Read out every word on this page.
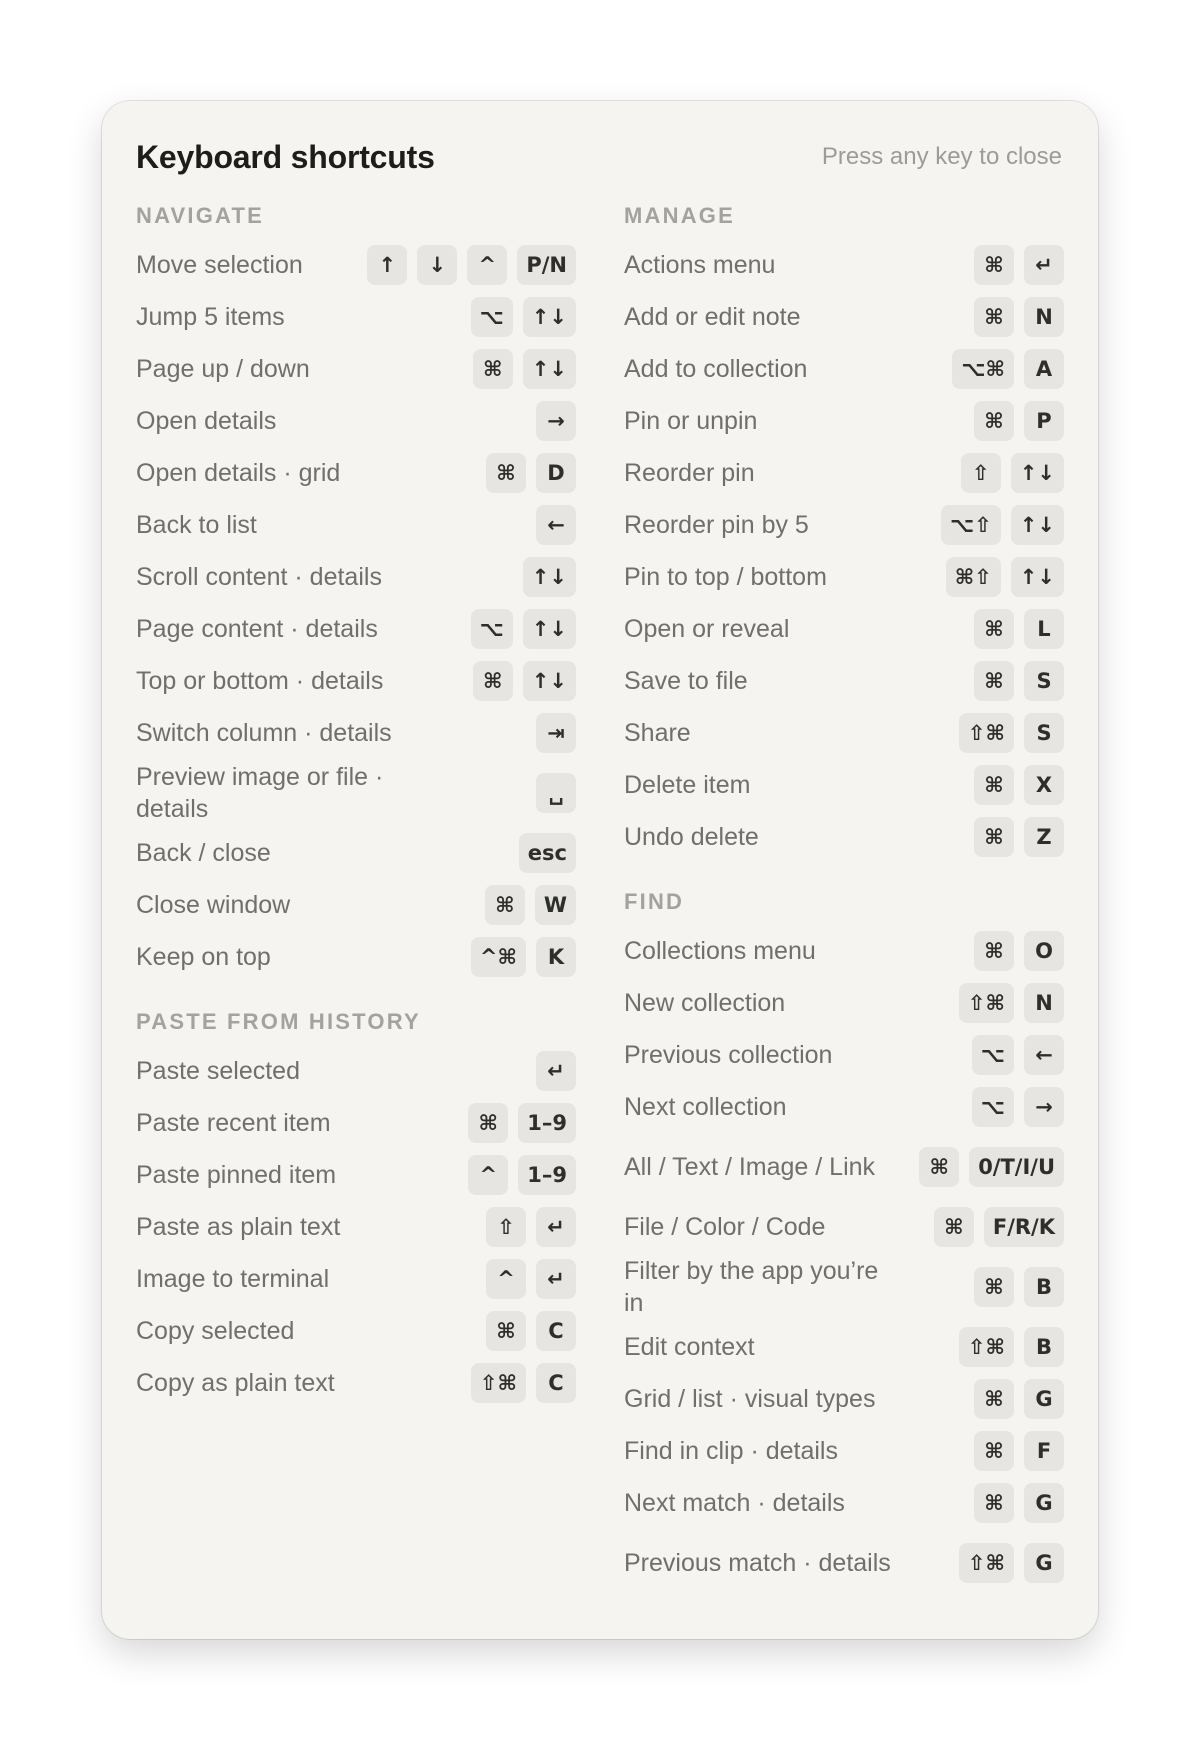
Keyboard shortcuts	Press any key to close
NAVIGATE
Move selection	↑	↓	^	P/N
Jump 5 items	⌥	↑↓
Page up / down	⌘	↑↓
Open details	→
Open details · grid	⌘	D
Back to list	←
Scroll content · details	↑↓
Page content · details	⌥	↑↓
Top or bottom · details	⌘	↑↓
Switch column · details	⇥
Preview image or file · details
␣
Back / close	esc
Close window	⌘	W
Keep on top	^⌘	K
PASTE FROM HISTORY
Paste selected	↵
Paste recent item	⌘	1–9
Paste pinned item	^	1–9
Paste as plain text	⇧	↵
Image to terminal	^	↵
Copy selected	⌘	C
Copy as plain text	⇧⌘	C
MANAGE
Actions menu	⌘	↵
Add or edit note	⌘	N
Add to collection	⌥⌘	A
Pin or unpin	⌘	P
Reorder pin	⇧	↑↓
Reorder pin by 5	⌥⇧	↑↓
Pin to top / bottom	⌘⇧	↑↓
Open or reveal	⌘	L
Save to file	⌘	S
Share	⇧⌘	S
Delete item	⌘	X
Undo delete	⌘	Z
FIND
Collections menu	⌘	O
New collection	⇧⌘	N
Previous collection	⌥	←
Next collection	⌥	→
All / Text / Image / Link	⌘	0/T/I/U
File / Color / Code	⌘	F/R/K
Filter by the app you’re in
⌘	B
Edit context	⇧⌘	B
Grid / list · visual types	⌘	G
Find in clip · details	⌘	F
Next match · details	⌘	G
Previous match · details	⇧⌘	G
